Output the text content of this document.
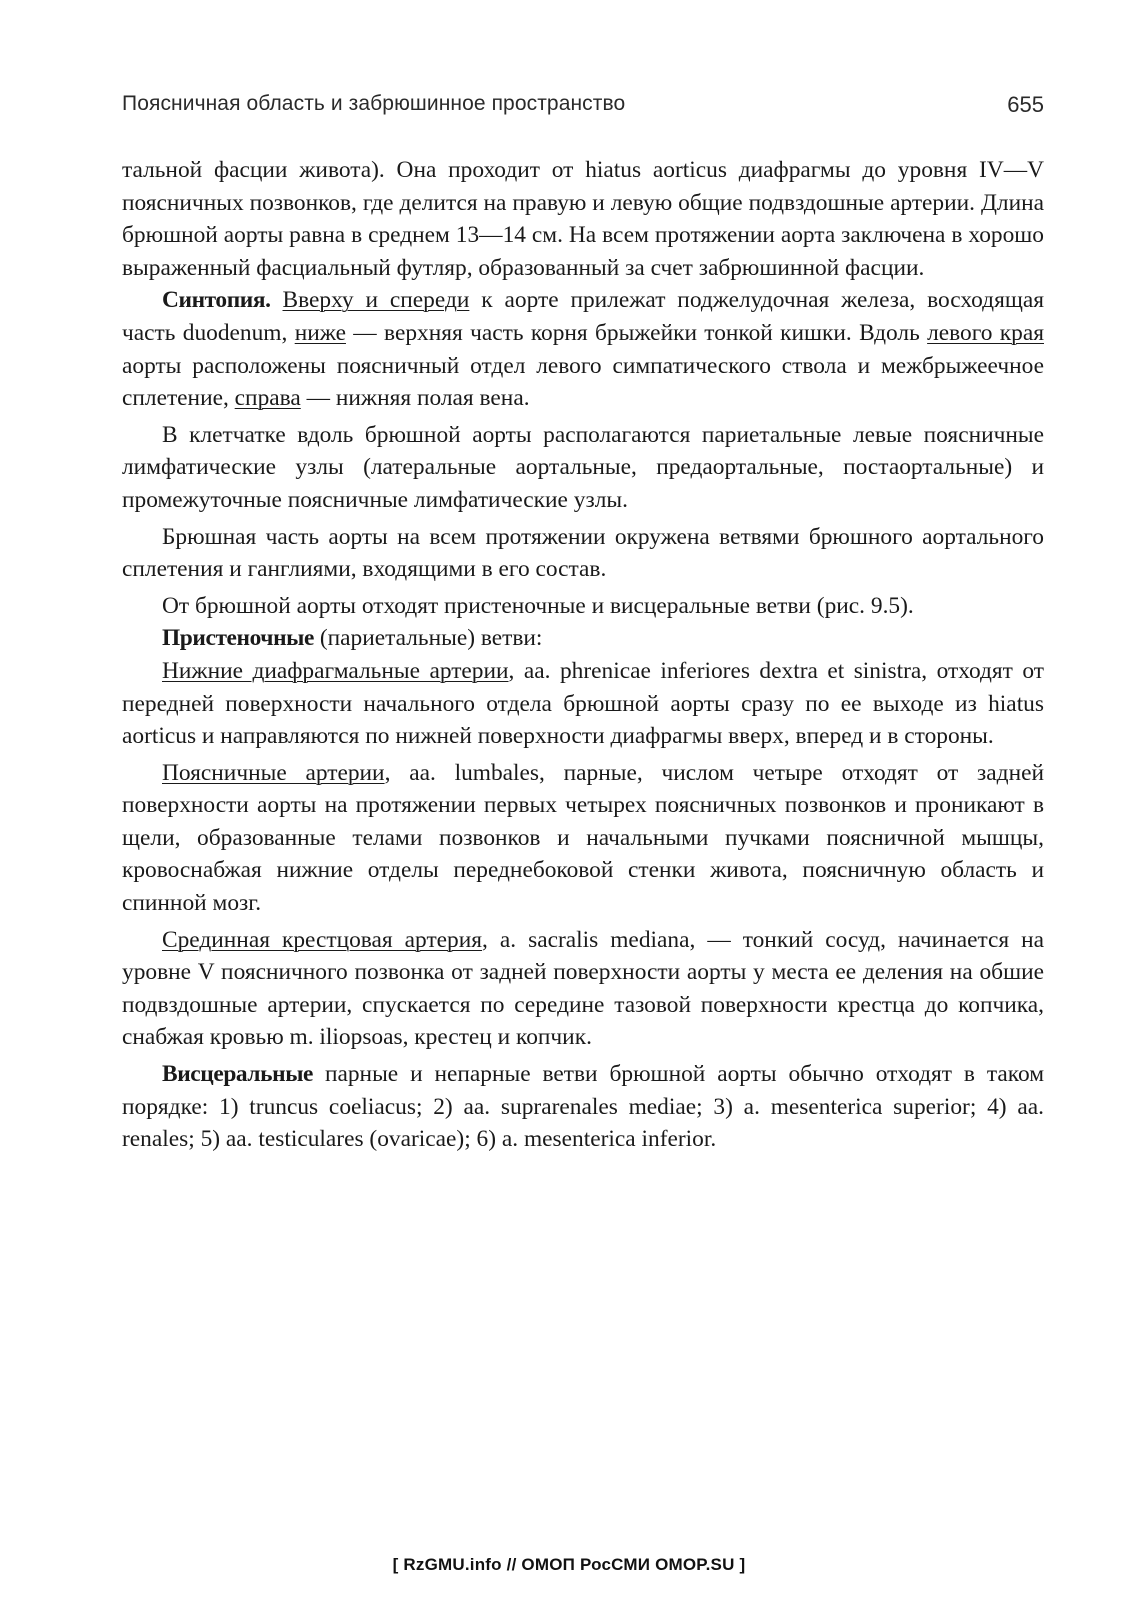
Поясничная область и забрюшинное пространство	655

тальной фасции живота). Она проходит от hiatus aorticus диафрагмы до уровня IV—V поясничных позвонков, где делится на правую и левую общие подвздошные артерии. Длина брюшной аорты равна в среднем 13—14 см. На всем протяжении аорта заключена в хорошо выраженный фасциальный футляр, образованный за счет забрюшинной фасции.

Синтопия. Вверху и спереди к аорте прилежат поджелудочная железа, восходящая часть duodenum, ниже — верхняя часть корня брыжейки тонкой кишки. Вдоль левого края аорты расположены поясничный отдел левого симпатического ствола и межбрыжеечное сплетение, справа — нижняя полая вена.

В клетчатке вдоль брюшной аорты располагаются париетальные левые поясничные лимфатические узлы (латеральные аортальные, предаортальные, постаортальные) и промежуточные поясничные лимфатические узлы.

Брюшная часть аорты на всем протяжении окружена ветвями брюшного аортального сплетения и ганглиями, входящими в его состав.

От брюшной аорты отходят пристеночные и висцеральные ветви (рис. 9.5).

Пристеночные (париетальные) ветви:

Нижние диафрагмальные артерии, aa. phrenicae inferiores dextra et sinistra, отходят от передней поверхности начального отдела брюшной аорты сразу по ее выходе из hiatus aorticus и направляются по нижней поверхности диафрагмы вверх, вперед и в стороны.

Поясничные артерии, aa. lumbales, парные, числом четыре отходят от задней поверхности аорты на протяжении первых четырех поясничных позвонков и проникают в щели, образованные телами позвонков и начальными пучками поясничной мышцы, кровоснабжая нижние отделы переднебоковой стенки живота, поясничную область и спинной мозг.

Срединная крестцовая артерия, a. sacralis mediana, — тонкий сосуд, начинается на уровне V поясничного позвонка от задней поверхности аорты у места ее деления на обшие подвздошные артерии, спускается по середине тазовой поверхности крестца до копчика, снабжая кровью m. iliopsoas, крестец и копчик.

Висцеральные парные и непарные ветви брюшной аорты обычно отходят в таком порядке: 1) truncus coeliacus; 2) aa. suprarenales mediae; 3) a. mesenterica superior; 4) aa. renales; 5) aa. testiculares (ovaricae); 6) a. mesenterica inferior.

[ RzGMU.info // ОМОП РосСМИ OMOP.SU ]
